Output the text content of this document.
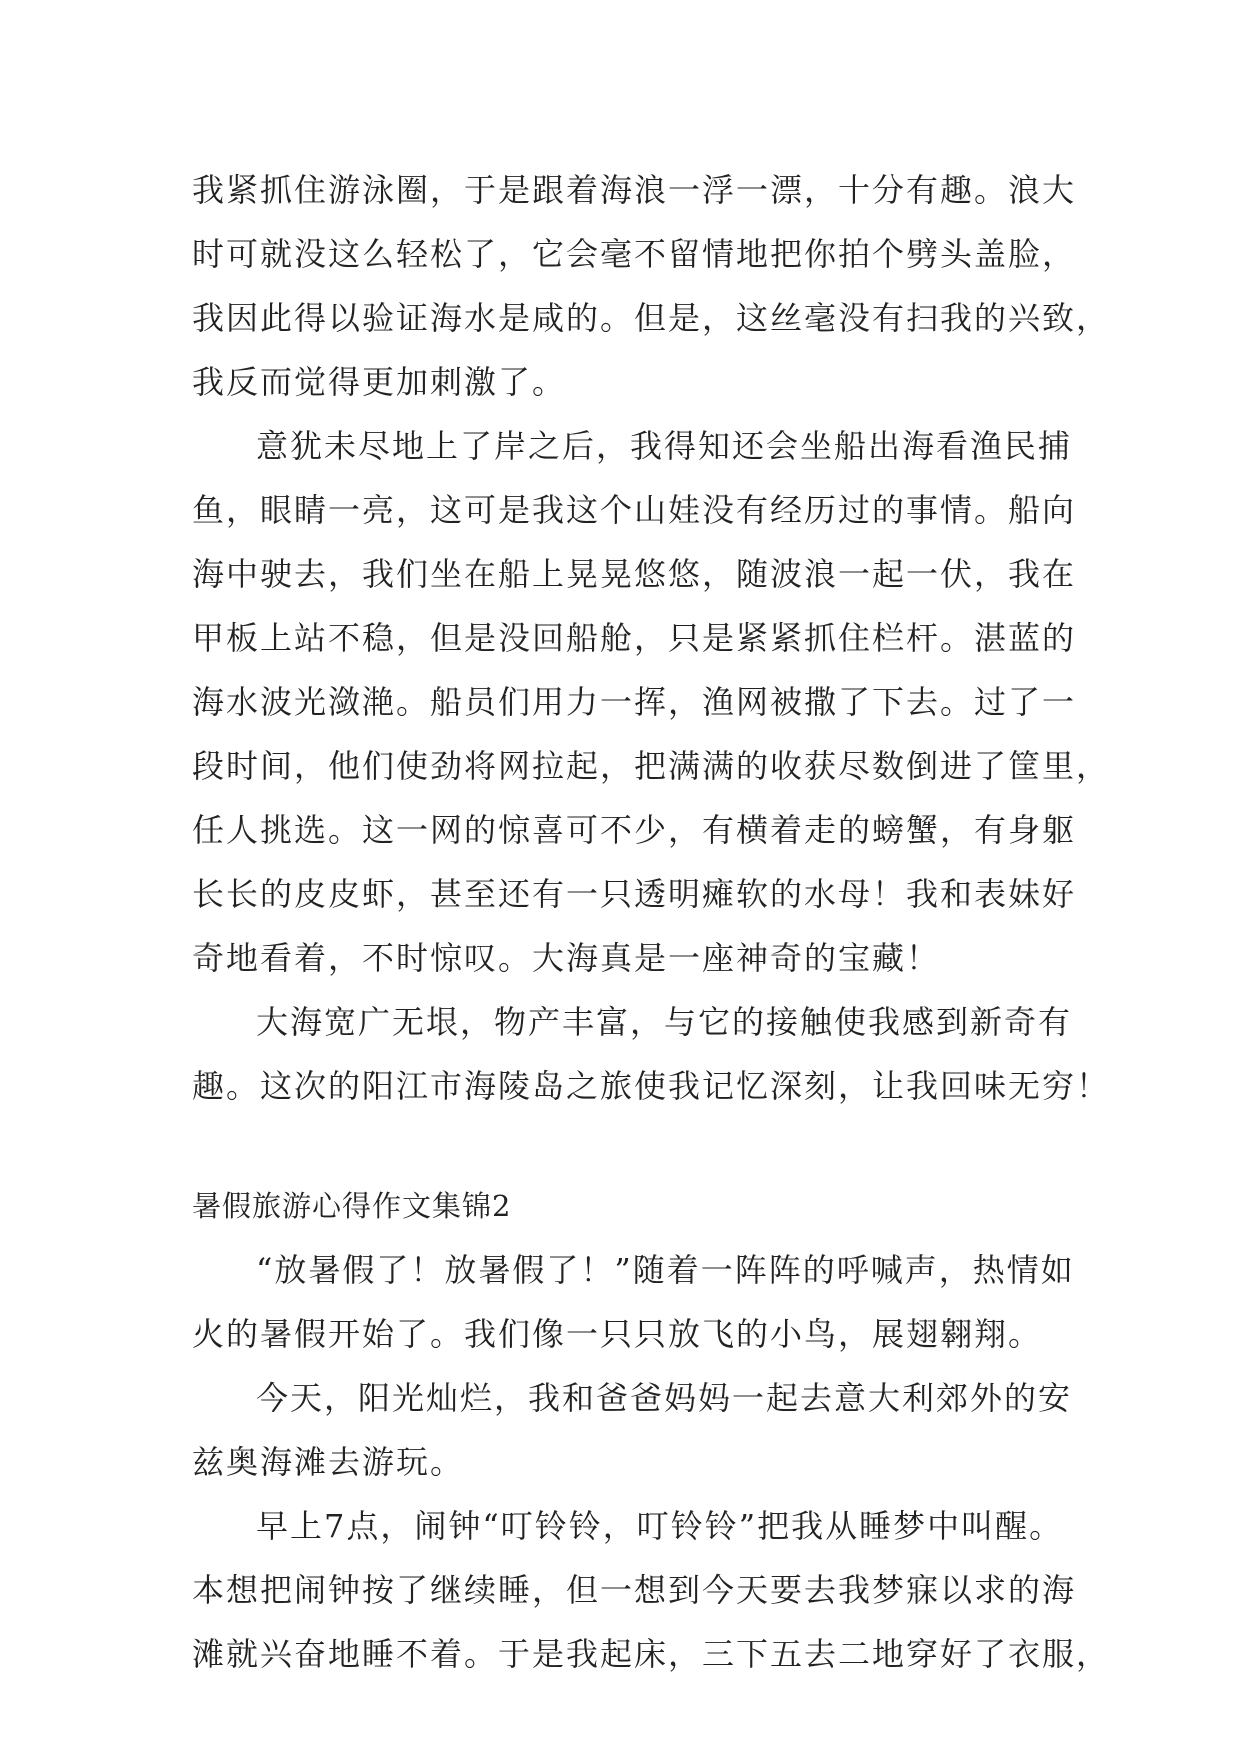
我紧抓住游泳圈，于是跟着海浪一浮一漂，十分有趣。浪大
时可就没这么轻松了，它会毫不留情地把你拍个劈头盖脸，
我因此得以验证海水是咸的。但是，这丝毫没有扫我的兴致，
我反而觉得更加刺激了。
意犹未尽地上了岸之后，我得知还会坐船出海看渔民捕
鱼，眼睛一亮，这可是我这个山娃没有经历过的事情。船向
海中驶去，我们坐在船上晃晃悠悠，随波浪一起一伏，我在
甲板上站不稳，但是没回船舱，只是紧紧抓住栏杆。湛蓝的
海水波光潋滟。船员们用力一挥，渔网被撒了下去。过了一
段时间，他们使劲将网拉起，把满满的收获尽数倒进了筐里，
任人挑选。这一网的惊喜可不少，有横着走的螃蟹，有身躯
长长的皮皮虾，甚至还有一只透明瘫软的水母！我和表妹好
奇地看着，不时惊叹。大海真是一座神奇的宝藏！
大海宽广无垠，物产丰富，与它的接触使我感到新奇有
趣。这次的阳江市海陵岛之旅使我记忆深刻，让我回味无穷！
暑假旅游心得作文集锦2
“放暑假了！放暑假了！”随着一阵阵的呼喊声，热情如
火的暑假开始了。我们像一只只放飞的小鸟，展翅翱翔。
今天，阳光灿烂，我和爸爸妈妈一起去意大利郊外的安
兹奥海滩去游玩。
早上7点，闹钟“叮铃铃，叮铃铃”把我从睡梦中叫醒。
本想把闹钟按了继续睡，但一想到今天要去我梦寐以求的海
滩就兴奋地睡不着。于是我起床，三下五去二地穿好了衣服，
